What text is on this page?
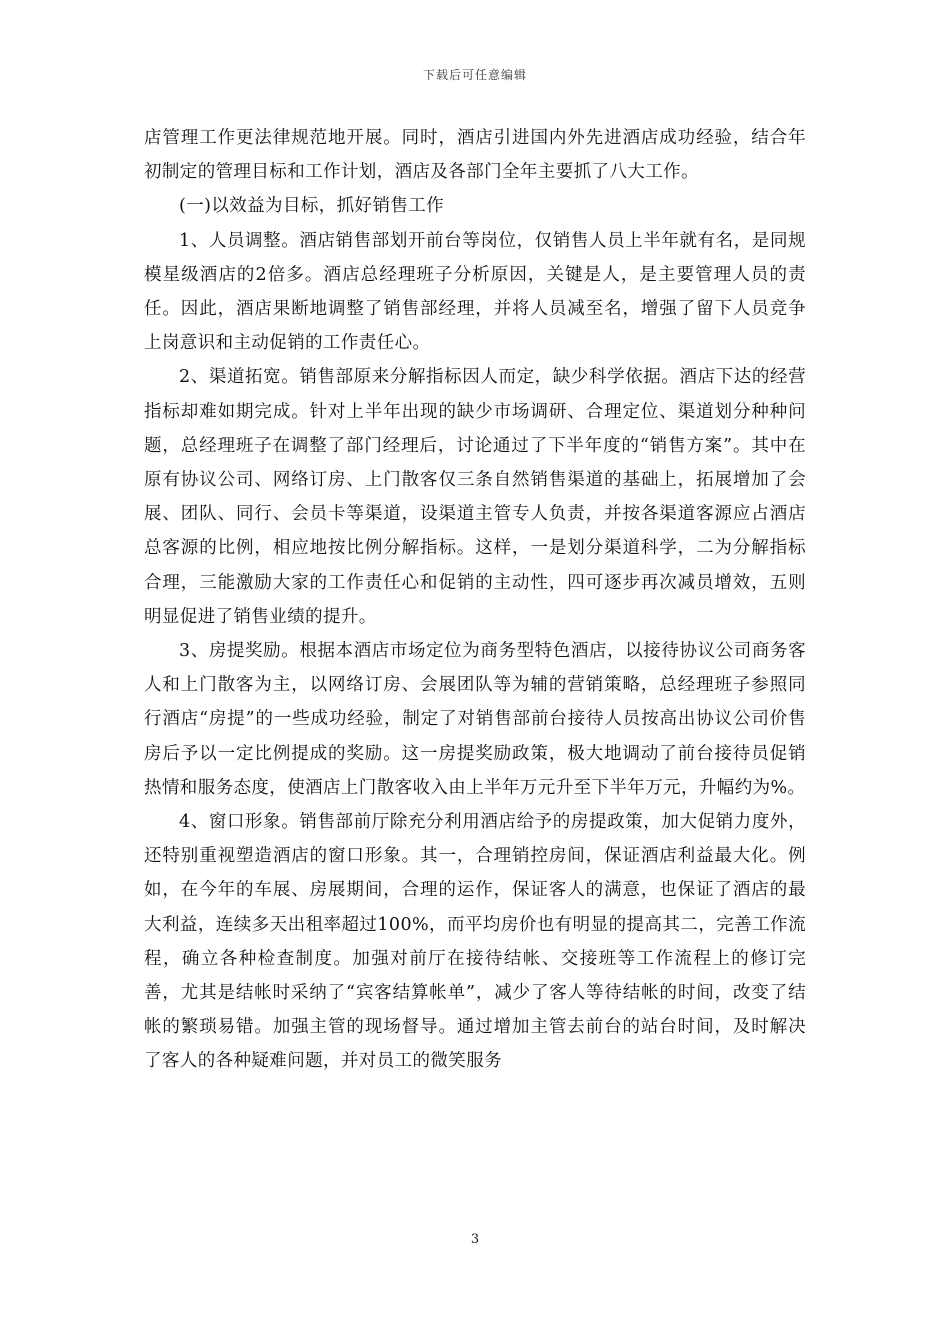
下载后可任意编辑

店管理工作更法律规范地开展。同时，酒店引进国内外先进酒店成功经验，结合年初制定的管理目标和工作计划，酒店及各部门全年主要抓了八大工作。

(一)以效益为目标，抓好销售工作

1、人员调整。酒店销售部划开前台等岗位，仅销售人员上半年就有名，是同规模星级酒店的2倍多。酒店总经理班子分析原因，关键是人，是主要管理人员的责任。因此，酒店果断地调整了销售部经理，并将人员减至名，增强了留下人员竞争上岗意识和主动促销的工作责任心。

2、渠道拓宽。销售部原来分解指标因人而定，缺少科学依据。酒店下达的经营指标却难如期完成。针对上半年出现的缺少市场调研、合理定位、渠道划分种种问题，总经理班子在调整了部门经理后，讨论通过了下半年度的“销售方案”。其中在原有协议公司、网络订房、上门散客仅三条自然销售渠道的基础上，拓展增加了会展、团队、同行、会员卡等渠道，设渠道主管专人负责，并按各渠道客源应占酒店总客源的比例，相应地按比例分解指标。这样，一是划分渠道科学，二为分解指标合理，三能激励大家的工作责任心和促销的主动性，四可逐步再次减员增效，五则明显促进了销售业绩的提升。

3、房提奖励。根据本酒店市场定位为商务型特色酒店，以接待协议公司商务客人和上门散客为主，以网络订房、会展团队等为辅的营销策略，总经理班子参照同行酒店“房提”的一些成功经验，制定了对销售部前台接待人员按高出协议公司价售房后予以一定比例提成的奖励。这一房提奖励政策，极大地调动了前台接待员促销热情和服务态度，使酒店上门散客收入由上半年万元升至下半年万元，升幅约为%。

4、窗口形象。销售部前厅除充分利用酒店给予的房提政策，加大促销力度外，还特别重视塑造酒店的窗口形象。其一，合理销控房间，保证酒店利益最大化。例如，在今年的车展、房展期间，合理的运作，保证客人的满意，也保证了酒店的最大利益，连续多天出租率超过100%，而平均房价也有明显的提高其二，完善工作流程，确立各种检查制度。加强对前厅在接待结帐、交接班等工作流程上的修订完善，尤其是结帐时采纳了“宾客结算帐单”，减少了客人等待结帐的时间，改变了结帐的繁琐易错。加强主管的现场督导。通过增加主管去前台的站台时间，及时解决了客人的各种疑难问题，并对员工的微笑服务

3
